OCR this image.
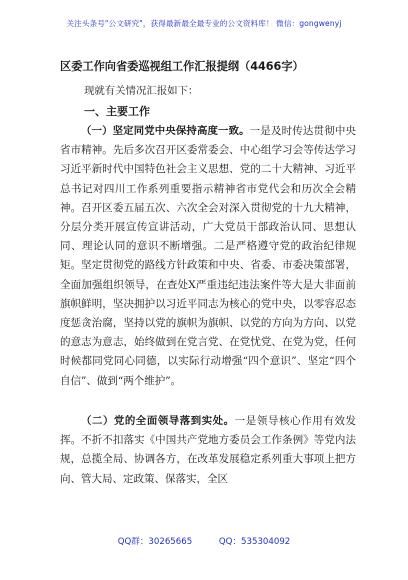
关注头条号"公文研究"，获得最新最全最专业的公文资料库！ 微信：gongwenyj
区委工作向省委巡视组工作汇报提纲（4466字）
现就有关情况汇报如下：
一、主要工作
（一）坚定同党中央保持高度一致。一是及时传达贯彻中央省市精神。先后多次召开区委常委会、中心组学习会等传达学习习近平新时代中国特色社会主义思想、党的二十大精神、习近平总书记对四川工作系列重要指示精神省市党代会和历次全会精神。召开区委五届五次、六次全会对深入贯彻党的十九大精神，分层分类开展宣传宣讲活动，广大党员干部政治认同、思想认同、理论认同的意识不断增强。二是严格遵守党的政治纪律规矩。坚定贯彻党的路线方针政策和中央、省委、市委决策部署，全面加强组织领导，在查处X严重违纪违法案件等大是大非面前旗帜鲜明，坚决拥护以习近平同志为核心的党中央，以零容忍态度惩贪治腐，坚持以党的旗帜为旗帜、以党的方向为方向、以党的意志为意志，始终做到在党言党、在党忧党、在党为党，任何时候都同党同心同德，以实际行动增强“四个意识”、坚定“四个自信”、做到“两个维护”。
（二）党的全面领导落到实处。一是领导核心作用有效发挥。不折不扣落实《中国共产党地方委员会工作条例》等党内法规，总揽全局、协调各方，在改革发展稳定系列重大事项上把方向、管大局、定政策、保落实，全区
QQ群：30265665	QQ：535304092
